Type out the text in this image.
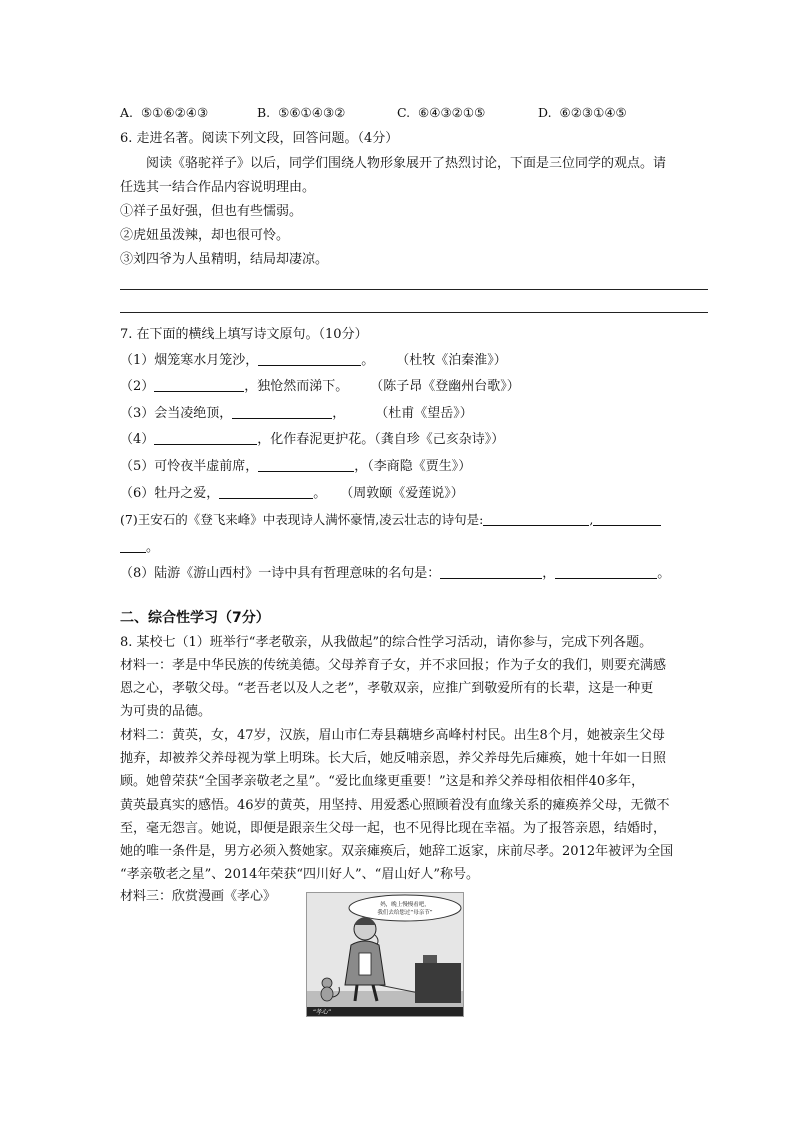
A. ⑤①⑥②④③	B. ⑤⑥①④③②	C. ⑥④③②①⑤	D. ⑥②③①④⑤
6. 走进名著。阅读下列文段，回答问题。（4分）
阅读《骆驼祥子》以后，同学们围绕人物形象展开了热烈讨论，下面是三位同学的观点。请
任选其一结合作品内容说明理由。
①祥子虽好强，但也有些懦弱。
②虎妞虽泼辣，却也很可怜。
③刘四爷为人虽精明，结局却凄凉。
7. 在下面的横线上填写诗文原句。（10分）
（1）烟笼寒水月笼沙，	。 （杜牧《泊秦淮》）
（2）	，独怆然而涕下。 （陈子昂《登幽州台歌》）
（3）会当凌绝顶，	， （杜甫《望岳》）
（4）	，化作春泥更护花。（龚自珍《己亥杂诗》）
（5）可怜夜半虚前席，	，（李商隐《贾生》）
（6）牡丹之爱，	。 （周敦颐《爱莲说》）
(7)王安石的《登飞来峰》中表现诗人满怀豪情,凌云壮志的诗句是:	,
。
（8）陆游《游山西村》一诗中具有哲理意味的名句是：	，	。
二、综合性学习（7分）
8. 某校七（1）班举行“孝老敬亲，从我做起”的综合性学习活动，请你参与，完成下列各题。
材料一：孝是中华民族的传统美德。父母养育子女，并不求回报；作为子女的我们，则要充满感
恩之心，孝敬父母。“老吾老以及人之老”，孝敬双亲，应推广到敬爱所有的长辈，这是一种更
为可贵的品德。
材料二：黄英，女，47岁，汉族，眉山市仁寿县藕塘乡高峰村村民。出生8个月，她被亲生父母
抛弃，却被养父养母视为掌上明珠。长大后，她反哺亲恩，养父养母先后瘫痪，她十年如一日照
顾。她曾荣获“全国孝亲敬老之星”。“爱比血缘更重要！”这是和养父养母相依相伴40多年，
黄英最真实的感悟。46岁的黄英，用坚持、用爱悉心照顾着没有血缘关系的瘫痪养父母，无微不
至，毫无怨言。她说，即便是跟亲生父母一起，也不见得比现在幸福。为了报答亲恩，结婚时，
她的唯一条件是，男方必须入赘她家。双亲瘫痪后，她辞工返家，床前尽孝。2012年被评为全国
“孝亲敬老之星”、2014年荣获“四川好人”、“眉山好人”称号。
材料三：欣赏漫画《孝心》
妈，晚上慢慢看吧，
我们去给您过“母亲节”
“孝心”
